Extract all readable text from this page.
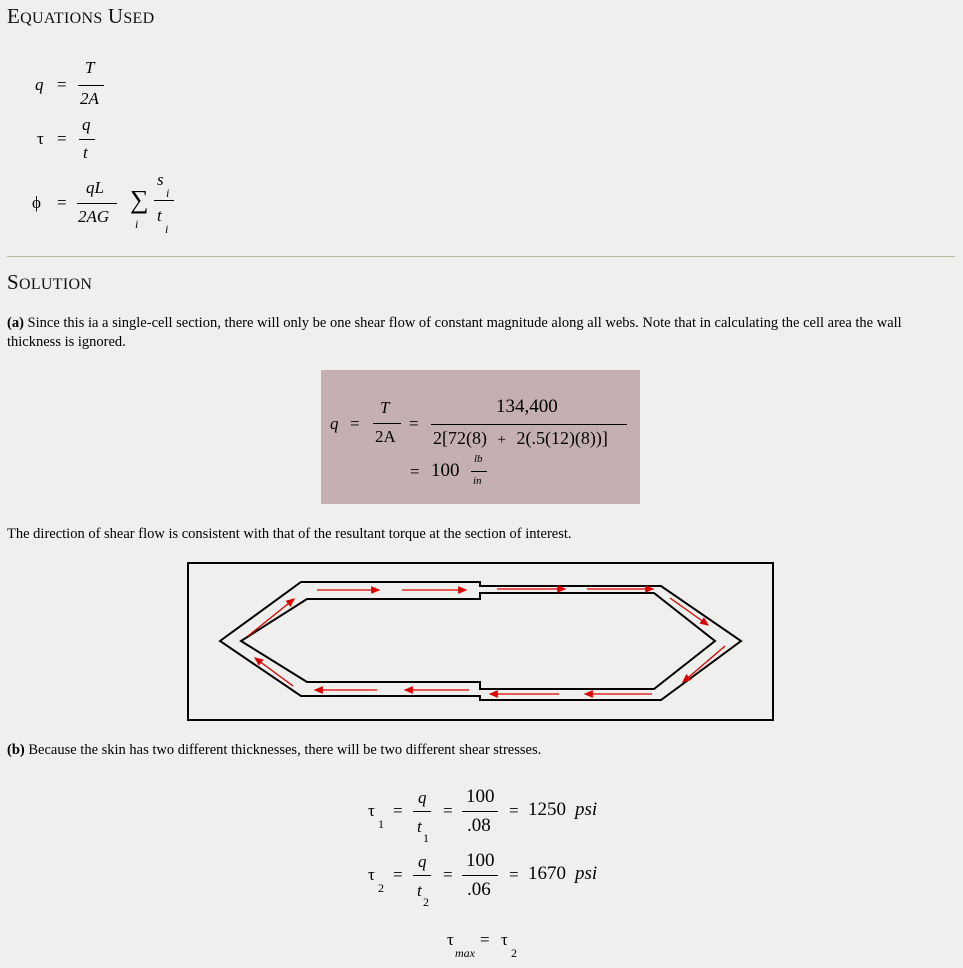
EQUATIONS USED
q =
T
2A
τ =
q
t
ϕ =
qL
2AG
∑
i
s
i
t
i
SOLUTION
(a) Since this ia a single-cell section, there will only be one shear flow of constant magnitude along all webs. Note that in calculating the cell area the wall thickness is ignored.
q =
T
2A
=
134,400
2[72(8) + 2(.5(12)(8))]
= 100
lb
in
The direction of shear flow is consistent with that of the resultant torque at the section of interest.
(b) Because the skin has two different thicknesses, there will be two different shear stresses.
τ
1
=
q
t
1
=
100
.08
= 1250 psi
τ
2
=
q
t
2
=
100
.06
= 1670 psi
τ
max
= τ
2
